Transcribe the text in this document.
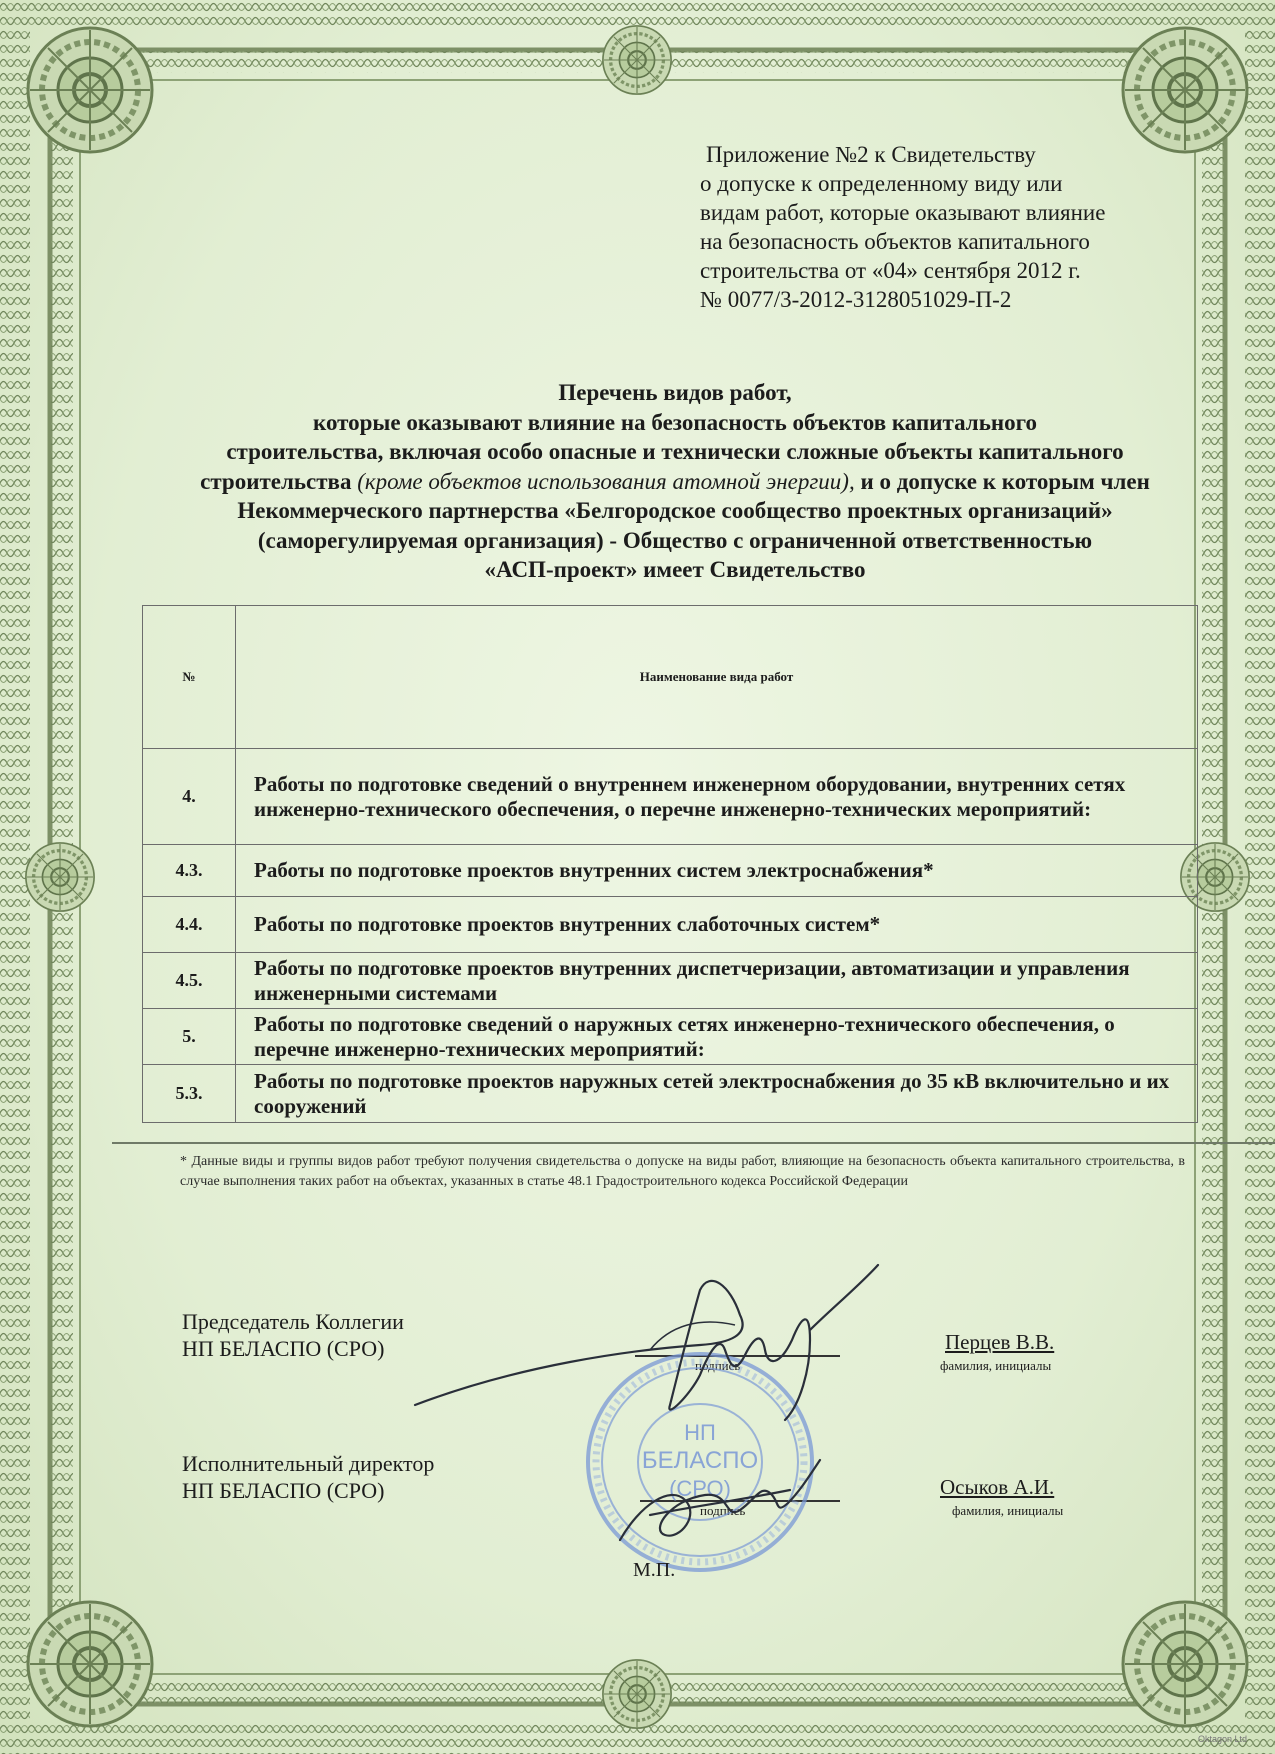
Приложение №2 к Свидетельству
о допуске к определенному виду или
видам работ, которые оказывают влияние
на безопасность объектов капитального
строительства от «04» сентября 2012 г.
№ 0077/3-2012-3128051029-П-2
Перечень видов работ,
которые оказывают влияние на безопасность объектов капитального
строительства, включая особо опасные и технически сложные объекты капитального
строительства (кроме объектов использования атомной энергии), и о допуске к которым член
Некоммерческого партнерства «Белгородское сообщество проектных организаций»
(саморегулируемая организация) - Общество с ограниченной ответственностью
«АСП-проект» имеет Свидетельство
№	Наименование вида работ
4.	Работы по подготовке сведений о внутреннем инженерном оборудовании, внутренних сетях инженерно-технического обеспечения, о перечне инженерно-технических мероприятий:
4.3.	Работы по подготовке проектов внутренних систем электроснабжения*
4.4.	Работы по подготовке проектов внутренних слаботочных систем*
4.5.	Работы по подготовке проектов внутренних диспетчеризации, автоматизации и управления инженерными системами
5.	Работы по подготовке сведений о наружных сетях инженерно-технического обеспечения, о перечне инженерно-технических мероприятий:
5.3.	Работы по подготовке проектов наружных сетей электроснабжения до 35 кВ включительно и их сооружений
* Данные виды и группы видов работ требуют получения свидетельства о допуске на виды работ, влияющие на безопасность объекта капитального строительства, в случае выполнения таких работ на объектах, указанных в статье 48.1 Градостроительного кодекса Российской Федерации
Председатель Коллегии
НП БЕЛАСПО (СРО)
подпись
Перцев В.В.
фамилия, инициалы
Исполнительный директор
НП БЕЛАСПО (СРО)
подпись
Осыков А.И.
фамилия, инициалы
НП
БЕЛАСПО
(СРО)
М.П.
Oktagon Ltd
